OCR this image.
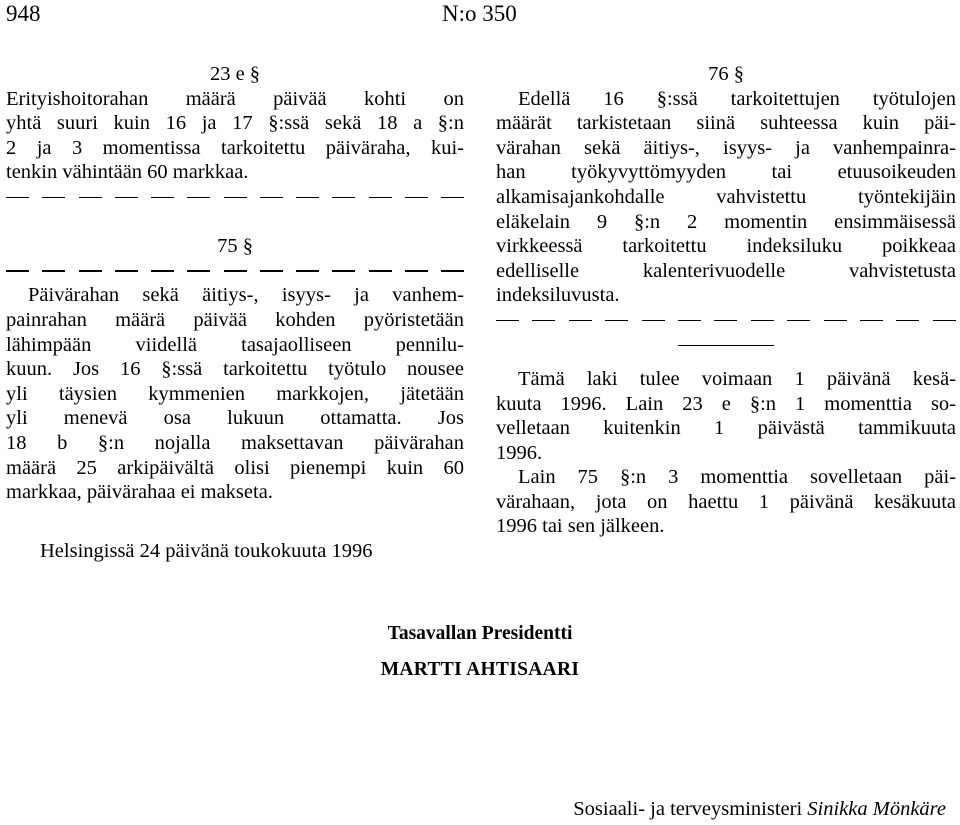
948	N:o 350
23 e §
Erityishoitorahan määrä päivää kohti on
yhtä suuri kuin 16 ja 17 §:ssä sekä 18 a §:n
2 ja 3 momentissa tarkoitettu päiväraha, kui-
tenkin vähintään 60 markkaa.
75 §
Päivärahan sekä äitiys-, isyys- ja vanhem-
painrahan määrä päivää kohden pyöristetään
lähimpään viidellä tasajaolliseen pennilu-
kuun. Jos 16 §:ssä tarkoitettu työtulo nousee
yli täysien kymmenien markkojen, jätetään
yli menevä osa lukuun ottamatta. Jos
18 b §:n nojalla maksettavan päivärahan
määrä 25 arkipäivältä olisi pienempi kuin 60
markkaa, päivärahaa ei makseta.
76 §
Edellä 16 §:ssä tarkoitettujen työtulojen
määrät tarkistetaan siinä suhteessa kuin päi-
värahan sekä äitiys-, isyys- ja vanhempainra-
han työkyvyttömyyden tai etuusoikeuden
alkamisajankohdalle vahvistettu työntekijäin
eläkelain 9 §:n 2 momentin ensimmäisessä
virkkeessä tarkoitettu indeksiluku poikkeaa
edelliselle kalenterivuodelle vahvistetusta
indeksiluvusta.
Tämä laki tulee voimaan 1 päivänä kesä-
kuuta 1996. Lain 23 e §:n 1 momenttia so-
velletaan kuitenkin 1 päivästä tammikuuta
1996.
Lain 75 §:n 3 momenttia sovelletaan päi-
värahaan, jota on haettu 1 päivänä kesäkuuta
1996 tai sen jälkeen.
Helsingissä 24 päivänä toukokuuta 1996
Tasavallan Presidentti
MARTTI AHTISAARI
Sosiaali- ja terveysministeri Sinikka Mönkäre
